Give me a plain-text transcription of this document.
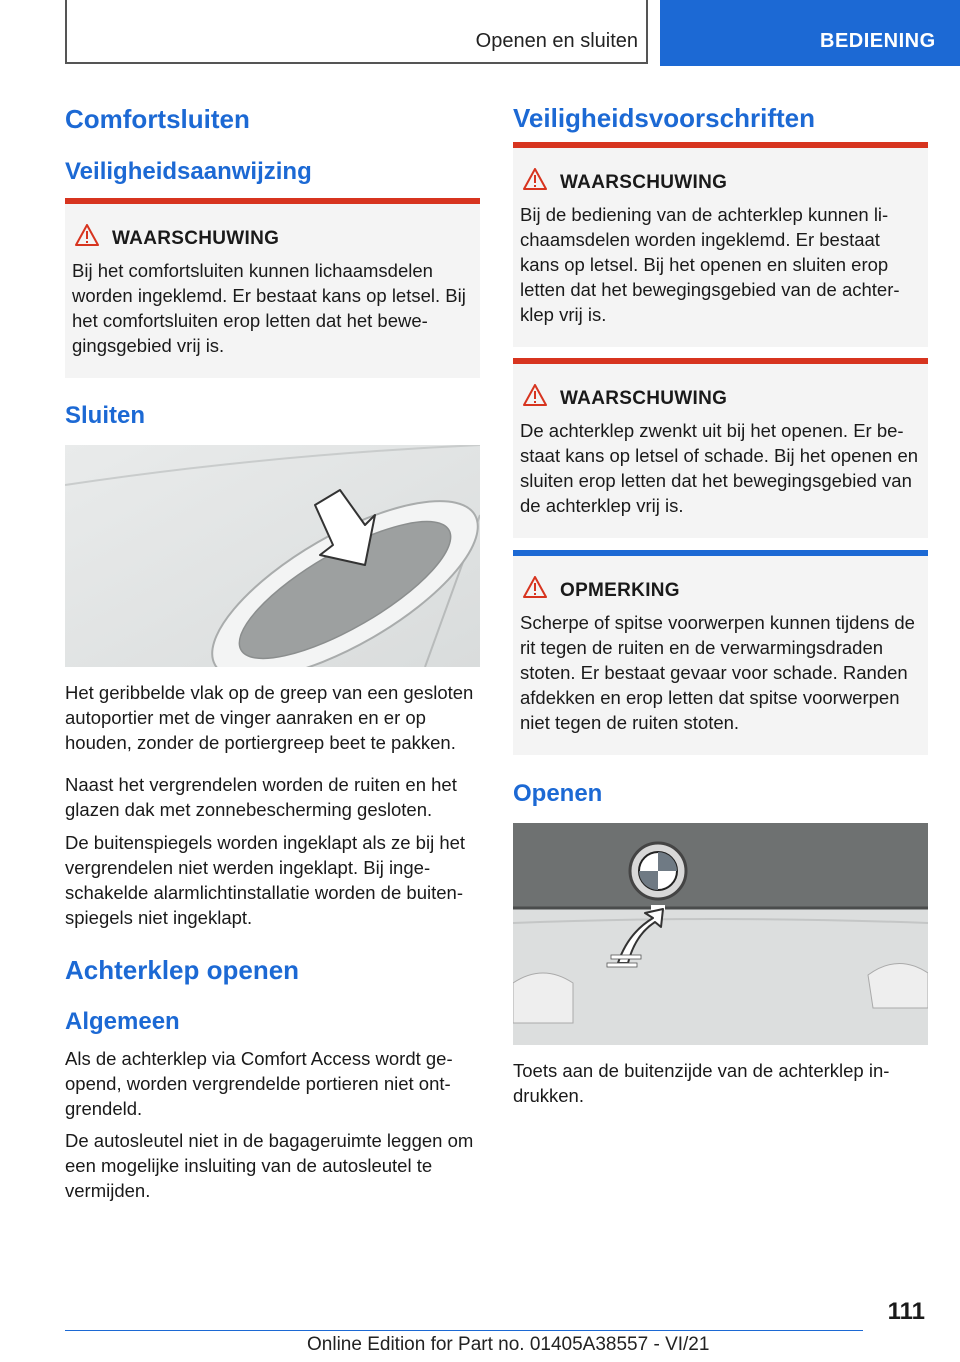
Openen en sluiten	BEDIENING
Comfortsluiten
Veiligheidsaanwijzing
WAARSCHUWING

Bij het comfortsluiten kunnen lichaamsdelen worden ingeklemd. Er bestaat kans op letsel. Bij het comfortsluiten erop letten dat het bewegingsgebied vrij is.

Sluiten

Het geribbelde vlak op de greep van een gesloten autoportier met de vinger aanraken en er op houden, zonder de portiergreep beet te pakken.

Naast het vergrendelen worden de ruiten en het glazen dak met zonnebescherming gesloten.

De buitenspiegels worden ingeklapt als ze bij het vergrendelen niet werden ingeklapt. Bij ingeschakelde alarmlichtinstallatie worden de buitenspiegels niet ingeklapt.

Achterklep openen
Algemeen

Als de achterklep via Comfort Access wordt geopend, worden vergrendelde portieren niet ontgrendeld.

De autosleutel niet in de bagageruimte leggen om een mogelijke insluiting van de autosleutel te vermijden.

Veiligheidsvoorschriften
WAARSCHUWING

Bij de bediening van de achterklep kunnen lichaamsdelen worden ingeklemd. Er bestaat kans op letsel. Bij het openen en sluiten erop letten dat het bewegingsgebied van de achterklep vrij is.

WAARSCHUWING

De achterklep zwenkt uit bij het openen. Er bestaat kans op letsel of schade. Bij het openen en sluiten erop letten dat het bewegingsgebied van de achterklep vrij is.

OPMERKING

Scherpe of spitse voorwerpen kunnen tijdens de rit tegen de ruiten en de verwarmingsdraden stoten. Er bestaat gevaar voor schade. Randen afdekken en erop letten dat spitse voorwerpen niet tegen de ruiten stoten.

Openen

Toets aan de buitenzijde van de achterklep indrukken.

111
Online Edition for Part no. 01405A38557 - VI/21
